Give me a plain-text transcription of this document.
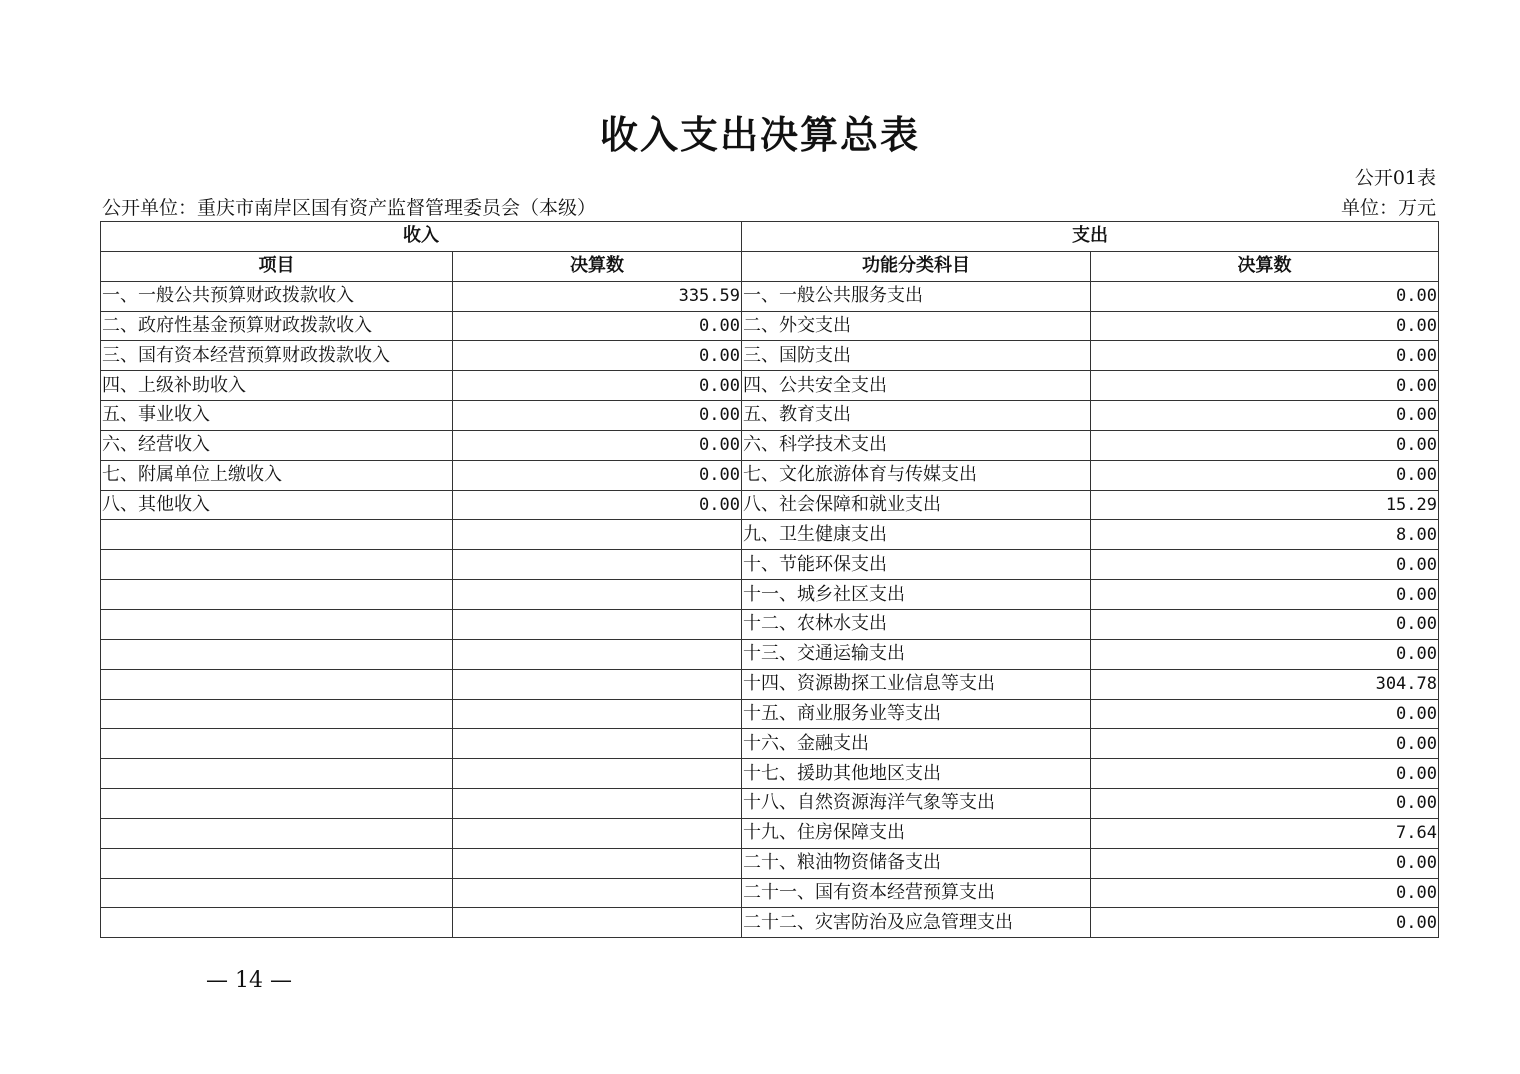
收入支出决算总表
公开01表
公开单位：重庆市南岸区国有资产监督管理委员会（本级）	单位：万元
收入		支出	
项目	决算数	功能分类科目	决算数
一、一般公共预算财政拨款收入	335.59	一、一般公共服务支出	0.00
二、政府性基金预算财政拨款收入	0.00	二、外交支出	0.00
三、国有资本经营预算财政拨款收入	0.00	三、国防支出	0.00
四、上级补助收入	0.00	四、公共安全支出	0.00
五、事业收入	0.00	五、教育支出	0.00
六、经营收入	0.00	六、科学技术支出	0.00
七、附属单位上缴收入	0.00	七、文化旅游体育与传媒支出	0.00
八、其他收入	0.00	八、社会保障和就业支出	15.29
		九、卫生健康支出	8.00
		十、节能环保支出	0.00
		十一、城乡社区支出	0.00
		十二、农林水支出	0.00
		十三、交通运输支出	0.00
		十四、资源勘探工业信息等支出	304.78
		十五、商业服务业等支出	0.00
		十六、金融支出	0.00
		十七、援助其他地区支出	0.00
		十八、自然资源海洋气象等支出	0.00
		十九、住房保障支出	7.64
		二十、粮油物资储备支出	0.00
		二十一、国有资本经营预算支出	0.00
		二十二、灾害防治及应急管理支出	0.00
— 14 —
